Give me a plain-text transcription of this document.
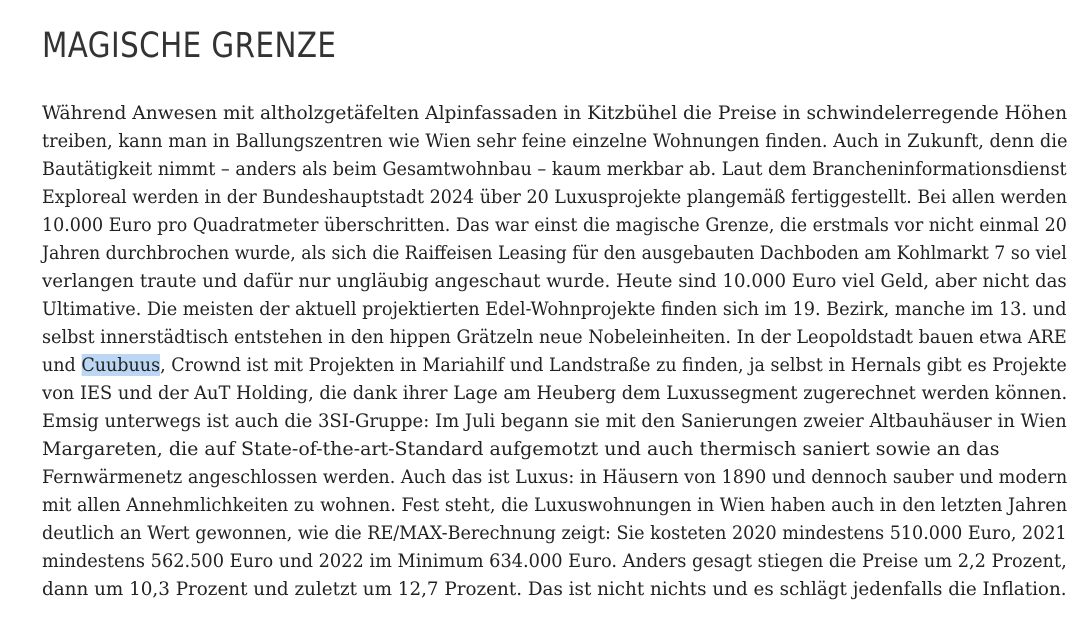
MAGISCHE GRENZE

Während Anwesen mit altholzgetäfelten Alpinfassaden in Kitzbühel die Preise in schwindelerregende Höhen
treiben, kann man in Ballungszentren wie Wien sehr feine einzelne Wohnungen finden. Auch in Zukunft, denn die
Bautätigkeit nimmt – anders als beim Gesamtwohnbau – kaum merkbar ab. Laut dem Brancheninformationsdienst
Exploreal werden in der Bundeshauptstadt 2024 über 20 Luxusprojekte plangemäß fertiggestellt. Bei allen werden
10.000 Euro pro Quadratmeter überschritten. Das war einst die magische Grenze, die erstmals vor nicht einmal 20
Jahren durchbrochen wurde, als sich die Raiffeisen Leasing für den ausgebauten Dachboden am Kohlmarkt 7 so viel
verlangen traute und dafür nur ungläubig angeschaut wurde. Heute sind 10.000 Euro viel Geld, aber nicht das
Ultimative. Die meisten der aktuell projektierten Edel-Wohnprojekte finden sich im 19. Bezirk, manche im 13. und
selbst innerstädtisch entstehen in den hippen Grätzeln neue Nobeleinheiten. In der Leopoldstadt bauen etwa ARE
und Cuubuus, Crownd ist mit Projekten in Mariahilf und Landstraße zu finden, ja selbst in Hernals gibt es Projekte
von IES und der AuT Holding, die dank ihrer Lage am Heuberg dem Luxussegment zugerechnet werden können.
Emsig unterwegs ist auch die 3SI-Gruppe: Im Juli begann sie mit den Sanierungen zweier Altbauhäuser in Wien
Margareten, die auf State-of-the-art-Standard aufgemotzt und auch thermisch saniert sowie an das
Fernwärmenetz angeschlossen werden. Auch das ist Luxus: in Häusern von 1890 und dennoch sauber und modern
mit allen Annehmlichkeiten zu wohnen. Fest steht, die Luxuswohnungen in Wien haben auch in den letzten Jahren
deutlich an Wert gewonnen, wie die RE/MAX-Berechnung zeigt: Sie kosteten 2020 mindestens 510.000 Euro, 2021
mindestens 562.500 Euro und 2022 im Minimum 634.000 Euro. Anders gesagt stiegen die Preise um 2,2 Prozent,
dann um 10,3 Prozent und zuletzt um 12,7 Prozent. Das ist nicht nichts und es schlägt jedenfalls die Inflation.
